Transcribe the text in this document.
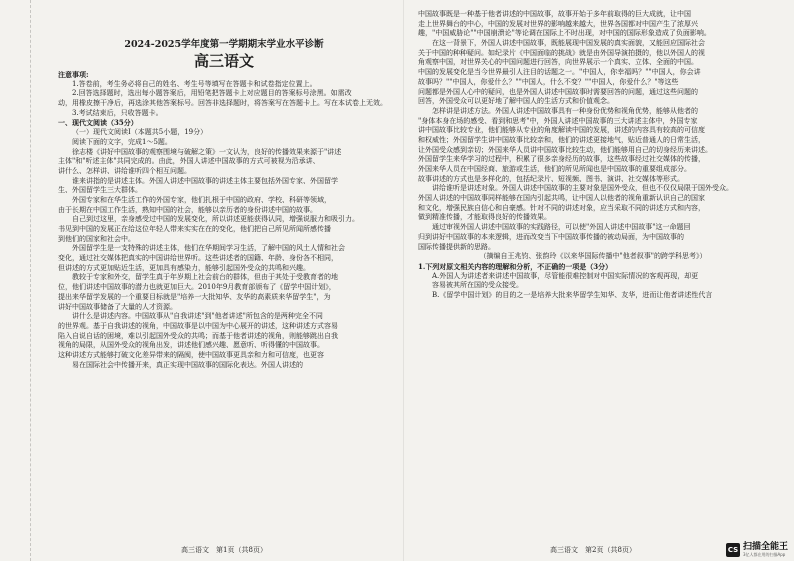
2024-2025学年度第一学期期末学业水平诊断
高三语文
注意事项:
1.答卷前，考生务必将自己的姓名、考生号等填写在答题卡和试卷指定位置上。
2.回答选择题时，选出每小题答案后，用铅笔把答题卡上对应题目的答案标号涂黑。如需改
动，用橡皮擦干净后，再选涂其他答案标号。回答非选择题时，将答案写在答题卡上。写在本试卷上无效。
3.考试结束后，只收答题卡。
一、现代文阅读（35分）
（一）现代文阅读Ⅰ（本题共5小题，19分）
阅读下面的文字，完成1～5题。
徐志楼《讲好中国故事的观察围境与破解之策》一文认为，良好的传播效果来源于"讲述
主体"和"听述主体"共同完成的。由此，外国人讲述中国故事的方式可被视为沿承讲、
讲什么、怎样讲、讲给谁听四个相互问题。
谁来讲指的是讲述主体。外国人讲述中国故事的讲述主体主要包括外国专家、外国留学
生、外国留学生三大群体。
外国专家和在华生活工作的外国专家，他们扎根于中国的政府、学校、科研等领域，
由于长期在中国工作生活，熟知中国的社会，能够以亲历者的身份讲述中国的故事。
自己到过这里，亲身感受过中国的发展变化，所以讲述更能获得认同，增强说服力和吸引力。
书见到中国的发展正在给这位年轻人带来实实在在的变化，他们把自己所见所闻所感传播
到他们的国家和社会中。
外国留学生是一支特殊的讲述主体，他们在华期间学习生活，了解中国的风土人情和社会
变化，通过社交媒体把真实的中国讲给世界听。这些讲述者的国籍、年龄、身份各不相同，
但讲述的方式更加贴近生活，更加具有感染力，能够引起国外受众的共鸣和兴趣。
教较于专家和外交，留学生真于年岁期上社会前台的群体，但由于其处于受教育者的地
位，他们讲述中国故事的潜力也就更加巨大。2010年9月教育部颁布了《留学中国计划》，
提出来华留学发展的一个重要目标就是"培养一大批知华、友华的高素质来华留学生"，为
讲好中国故事储备了大量的人才资源。
讲什么是讲述内容。中国故事从"自我讲述"到"他者讲述"所包含的是两种完全不同
的世界观。基于自我讲述的视角，中国故事是以中国为中心展开的讲述，这种讲述方式容易
陷入自说自话的困境，难以引起国外受众的共鸣；而基于他者讲述的视角，则能够跳出自我
视角的局限，从国外受众的视角出发，讲述他们感兴趣、愿意听、听得懂的中国故事。
这种讲述方式能够打破文化差异带来的隔阂，使中国故事更具亲和力和可信度，也更容
易在国际社会中传播开来，真正实现中国故事的国际化表达。外国人讲述的
高三语文　第1页（共8页）
中国故事既是一种基于他者讲述的中国故事，故事开始于多年前取得的巨大成就，让中国
走上世界舞台的中心，中国的发展对世界的影响越来越大，世界各国都对中国产生了浓厚兴
趣，"中国威胁论""中国崩溃论"等论调在国际上不时出现，对中国的国际形象造成了负面影响。
在这一背景下，外国人讲述中国故事，既能展现中国发展的真实面貌，又能回应国际社会
关于中国的种种疑问。如纪录片《中国面临的挑战》就是由外国导演拍摄的，他以外国人的视
角观察中国，对世界关心的中国问题进行回答，向世界展示一个真实、立体、全面的中国。
中国的发展变化是当今世界最引人注目的话题之一。"中国人，你幸福吗？""中国人，你会讲
故事吗？""中国人，你爱什么？""中国人，什么不变？""中国人，你爱什么？"等这些
问题都是外国人心中的疑问，也是外国人讲述中国故事时需要回答的问题，通过这些问题的
回答，外国受众可以更好地了解中国人的生活方式和价值观念。
怎样讲是讲述方法。外国人讲述中国故事具有一种身份优势和视角优势，能够从他者的
"身体本身在场的感受、看到和思考"中，外国人讲述中国故事的三大讲述主体中，外国专家
讲中国故事比较专业，他们能够从专业的角度解读中国的发展，讲述的内容具有较高的可信度
和权威性；外国留学生讲中国故事比较亲和，他们的讲述更接地气，贴近普通人的日常生活，
让外国受众感到亲切；外国来华人员讲中国故事比较生动，他们能够用自己的切身经历来讲述。
外国留学生来华学习的过程中，积累了很多亲身经历的故事，这些故事经过社交媒体的传播，
外国来华人员在中国经商、旅游或生活，他们的所见所闻也是中国故事的重要组成部分。
故事讲述的方式也是多样化的，包括纪录片、短视频、图书、演讲、社交媒体等形式。
讲给谁听是讲述对象。外国人讲述中国故事的主要对象是国外受众，但也不仅仅局限于国外受众。
外国人讲述的中国故事同样能够在国内引起共鸣，让中国人以他者的视角重新认识自己的国家
和文化，增强民族自信心和自豪感。针对不同的讲述对象，应当采取不同的讲述方式和内容，
做到精准传播，才能取得良好的传播效果。
通过审视外国人讲述中国故事的实践路径，可以使"外国人讲述中国故事"这一命题回
归到讲好中国故事的本来逻辑，进而改变当下中国故事传播的被动局面，为中国故事的
国际传播提供新的思路。
（摘编自王兆钧、张韵玲《以来华国际传播中"他者叙事"的跨学科思考》）
1.下列对原文相关内容的理解和分析，不正确的一项是（3分）
A.外国人为讲述者来讲述中国故事，尽管能很难控制对中国实际情况的客观再现，却更
容易被其所在国的受众接受。
B.《留学中国计划》的目的之一是培养大批来华留学生知华、友华，进而让他者讲述性代言
高三语文　第2页（共8页）	CS 扫描全能王
3亿人都在用的扫描App
